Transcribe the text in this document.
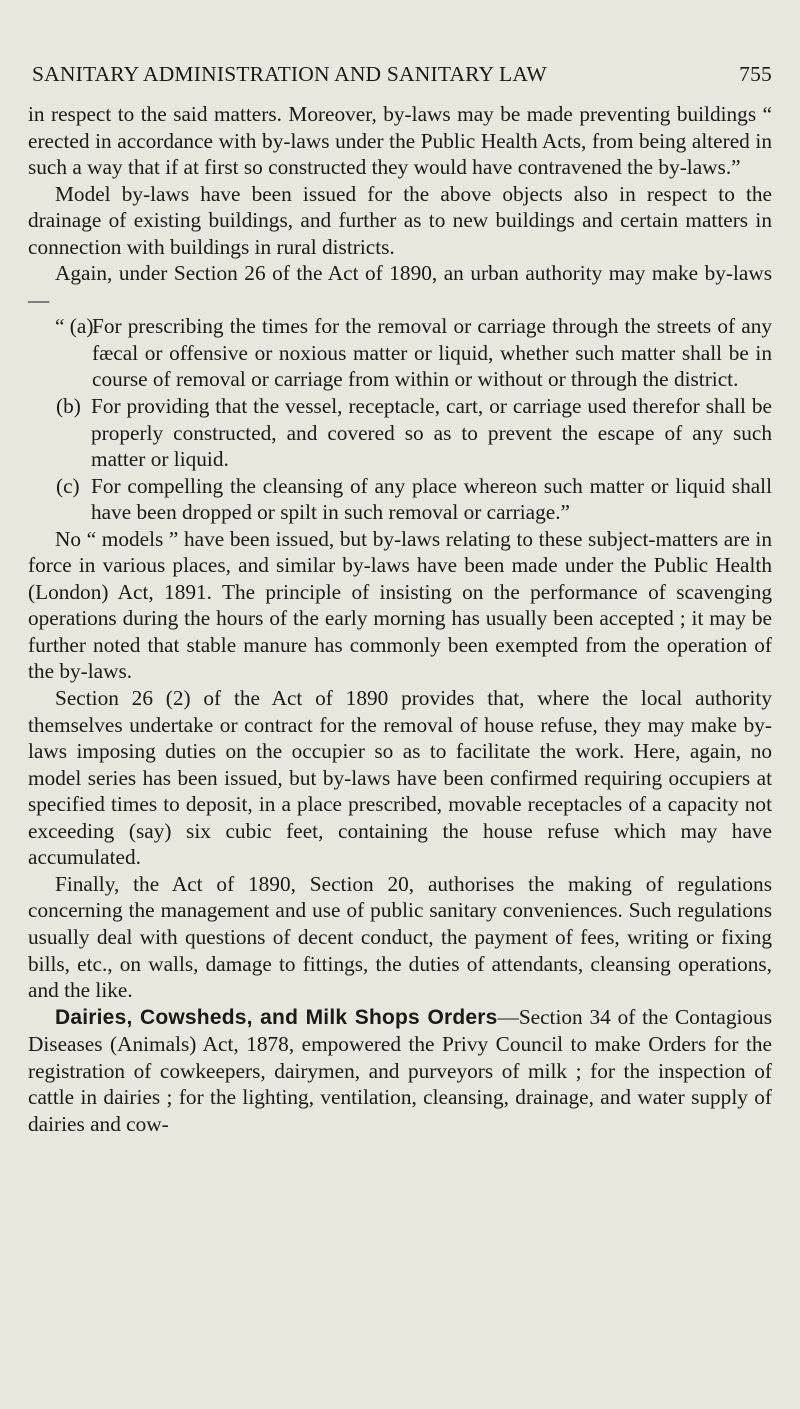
SANITARY ADMINISTRATION AND SANITARY LAW	755

in respect to the said matters. Moreover, by-laws may be made preventing buildings “ erected in accordance with by-laws under the Public Health Acts, from being altered in such a way that if at first so constructed they would have contravened the by-laws.”

Model by-laws have been issued for the above objects also in respect to the drainage of existing buildings, and further as to new buildings and certain matters in connection with buildings in rural districts.

Again, under Section 26 of the Act of 1890, an urban authority may make by-laws—

“ (a)
For prescribing the times for the removal or carriage through the streets of any fæcal or offensive or noxious matter or liquid, whether such matter shall be in course of removal or carriage from within or without or through the district.
(b) For providing that the vessel, receptacle, cart, or carriage used therefor shall be properly constructed, and covered so as to prevent the escape of any such matter or liquid.
(c) For compelling the cleansing of any place whereon such matter or liquid shall have been dropped or spilt in such removal or carriage.”

No “ models ” have been issued, but by-laws relating to these subject-matters are in force in various places, and similar by-laws have been made under the Public Health (London) Act, 1891. The principle of insisting on the performance of scavenging operations during the hours of the early morning has usually been accepted ; it may be further noted that stable manure has commonly been exempted from the operation of the by-laws.

Section 26 (2) of the Act of 1890 provides that, where the local authority themselves undertake or contract for the removal of house refuse, they may make by-laws imposing duties on the occupier so as to facilitate the work. Here, again, no model series has been issued, but by-laws have been confirmed requiring occupiers at specified times to deposit, in a place prescribed, movable receptacles of a capacity not exceeding (say) six cubic feet, containing the house refuse which may have accumulated.

Finally, the Act of 1890, Section 20, authorises the making of regulations concerning the management and use of public sanitary conveniences. Such regulations usually deal with questions of decent conduct, the payment of fees, writing or fixing bills, etc., on walls, damage to fittings, the duties of attendants, cleansing operations, and the like.

Dairies, Cowsheds, and Milk Shops Orders—Section 34 of the Contagious Diseases (Animals) Act, 1878, empowered the Privy Council to make Orders for the registration of cowkeepers, dairymen, and purveyors of milk ; for the inspection of cattle in dairies ; for the lighting, ventilation, cleansing, drainage, and water supply of dairies and cow-
